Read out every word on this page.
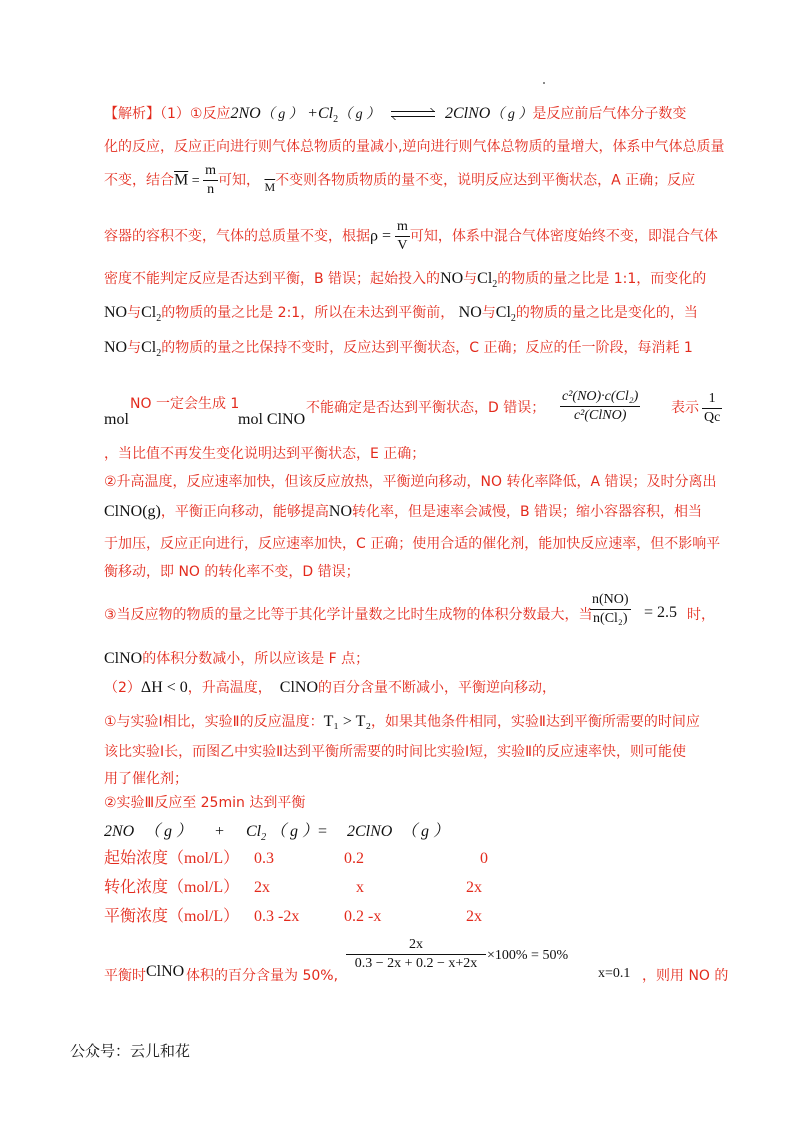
【解析】（1）①反应2NO（ g ） $+Cl_2$（ g ）	2ClNO（ g ）是反应前后气体分子数变
化的反应，反应正向进行则气体总物质的量减小,逆向进行则气体总物质的量增大，体系中气体总质量
不变，结合$\overline{M} = \frac{m}{n}$ 可知， $\overline{M}$不变则各物质物质的量不变，说明反应达到平衡状态，A 正确；反应
容器的容积不变，气体的总质量不变，根据$\rho = \frac{m}{V}$ 可知，体系中混合气体密度始终不变，即混合气体
密度不能判定反应是否达到平衡，B 错误；起始投入的NO与$Cl_2$的物质的量之比是 1:1，而变化的
NO与$Cl_2$的物质的量之比是 2:1，所以在未达到平衡前， NO与$Cl_2$的物质的量之比是变化的，当
NO与$Cl_2$的物质的量之比保持不变时，反应达到平衡状态，C 正确；反应的任一阶段，每消耗 1
mol
NO 一定会生成 1
mol ClNO
不能确定是否达到平衡状态，D 错误；
c²(NO)·c(Cl₂)
c²(ClNO)	表示 $\frac{1}{Qc}$
，当比值不再发生变化说明达到平衡状态，E 正确；
②升高温度，反应速率加快，但该反应放热，平衡逆向移动，NO 转化率降低，A 错误；及时分离出
ClNO(g)，平衡正向移动，能够提高NO转化率，但是速率会减慢，B 错误；缩小容器容积，相当
于加压，反应正向进行，反应速率加快，C 正确；使用合适的催化剂，能加快反应速率，但不影响平
衡移动，即 NO 的转化率不变，D 错误；
③当反应物的物质的量之比等于其化学计量数之比时生成物的体积分数最大，当
$\frac{n(NO)}{\text{n(Cl₂)}} = 2.5$ 时，
ClNO的体积分数减小，所以应该是 F 点；
（2）ΔH < 0，升高温度， ClNO的百分含量不断减小，平衡逆向移动，
①与实验Ⅰ相比，实验Ⅱ的反应温度：T₁ > T₂，如果其他条件相同，实验Ⅱ达到平衡所需要的时间应
该比实验Ⅰ长，而图乙中实验Ⅱ达到平衡所需要的时间比实验Ⅰ短，实验Ⅱ的反应速率快，则可能使
用了催化剂；
②实验Ⅲ反应至 25min 达到平衡
2NO （ g ） + $Cl_2$ （ g ） = 2ClNO （ g ）
起始浓度（mol/L） 0.3	0.2	0
转化浓度（mol/L） 2x	x	2x
平衡浓度（mol/L） 0.3 -2x	0.2 -x	2x
平衡时 ClNO 体积的百分含量为 50%,
$\frac{2x}{0.3 - 2x + 0.2 - x+2x} \times 100\% = 50\%$
x=0.1 ，则用 NO 的
公众号：云儿和花
